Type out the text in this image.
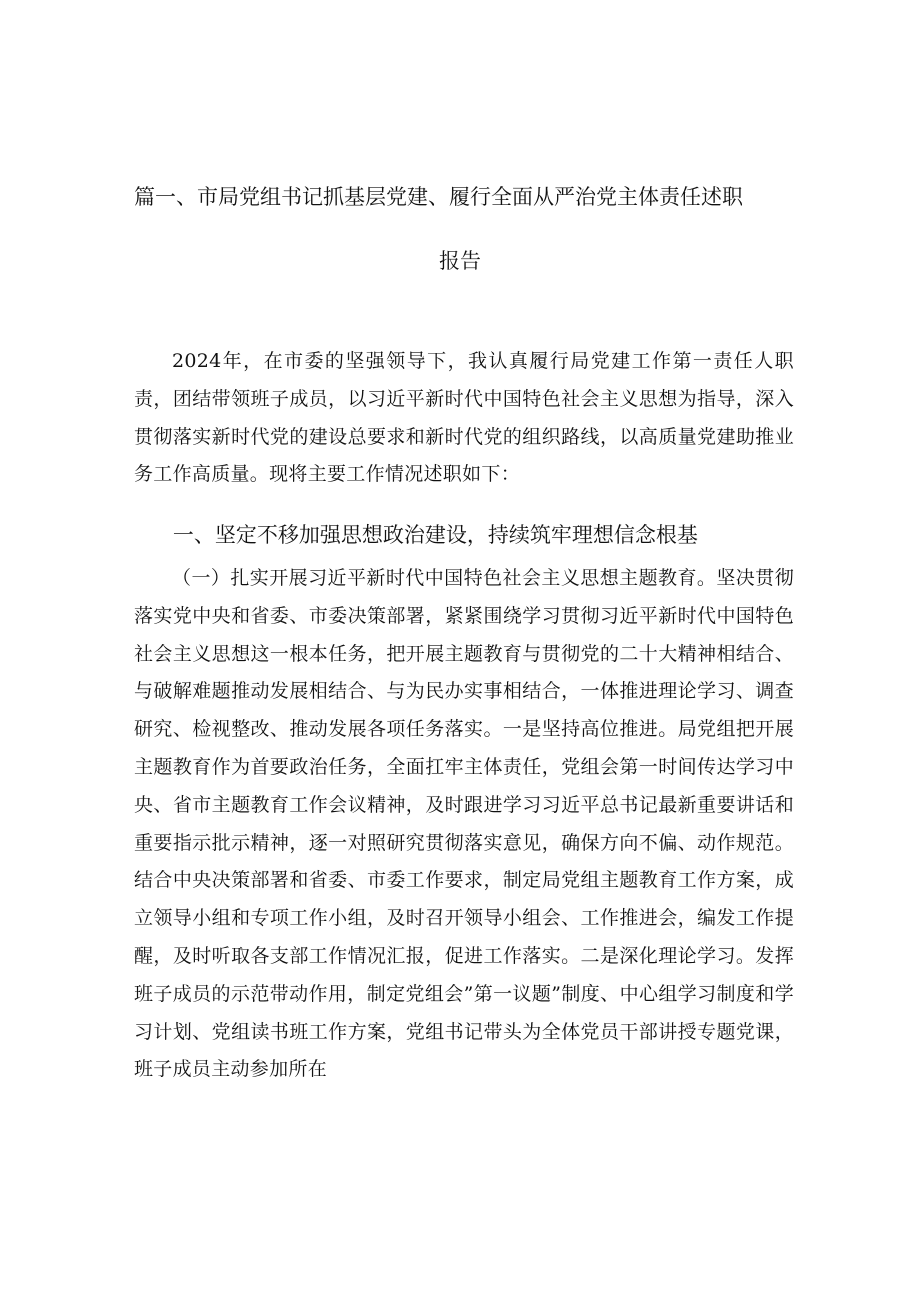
篇一、市局党组书记抓基层党建、履行全面从严治党主体责任述职
报告
2024年，在市委的坚强领导下，我认真履行局党建工作第一责任人职责，团结带领班子成员，以习近平新时代中国特色社会主义思想为指导，深入贯彻落实新时代党的建设总要求和新时代党的组织路线，以高质量党建助推业务工作高质量。现将主要工作情况述职如下：
一、坚定不移加强思想政治建设，持续筑牢理想信念根基
（一）扎实开展习近平新时代中国特色社会主义思想主题教育。坚决贯彻落实党中央和省委、市委决策部署，紧紧围绕学习贯彻习近平新时代中国特色社会主义思想这一根本任务，把开展主题教育与贯彻党的二十大精神相结合、与破解难题推动发展相结合、与为民办实事相结合，一体推进理论学习、调查研究、检视整改、推动发展各项任务落实。一是坚持高位推进。局党组把开展主题教育作为首要政治任务，全面扛牢主体责任，党组会第一时间传达学习中央、省市主题教育工作会议精神，及时跟进学习习近平总书记最新重要讲话和重要指示批示精神，逐一对照研究贯彻落实意见，确保方向不偏、动作规范。结合中央决策部署和省委、市委工作要求，制定局党组主题教育工作方案，成立领导小组和专项工作小组，及时召开领导小组会、工作推进会，编发工作提醒，及时听取各支部工作情况汇报，促进工作落实。二是深化理论学习。发挥班子成员的示范带动作用，制定党组会”第一议题”制度、中心组学习制度和学习计划、党组读书班工作方案，党组书记带头为全体党员干部讲授专题党课，班子成员主动参加所在
